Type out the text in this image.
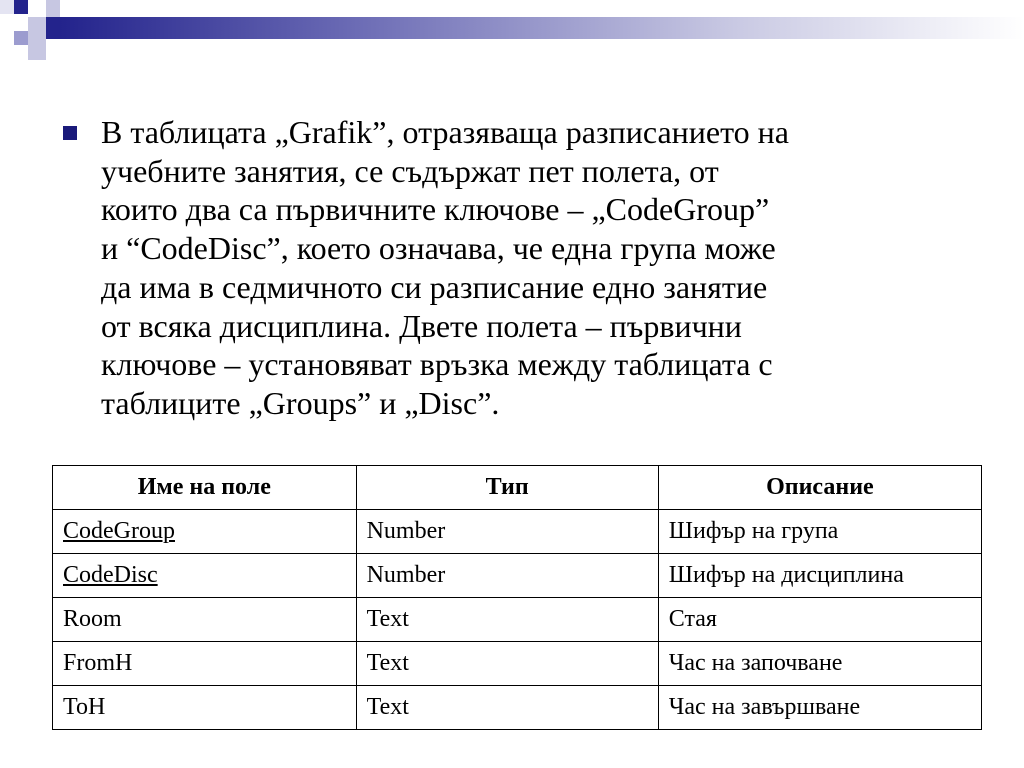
В таблицата „Grafik”, отразяваща разписанието на
учебните занятия, се съдържат пет полета, от
които два са първичните ключове – „CodeGroup”
и “CodeDisc”, което означава, че една група може
да има в седмичното си разписание едно занятие
от всяка дисциплина. Двете полета – първични
ключове – установяват връзка между таблицата с
таблиците „Groups” и „Disc”.

Име на поле	Тип	Описание
CodeGroup	Number	Шифър на група
CodeDisc	Number	Шифър на дисциплина
Room	Text	Стая
FromH	Text	Час на започване
ToH	Text	Час на завършване
